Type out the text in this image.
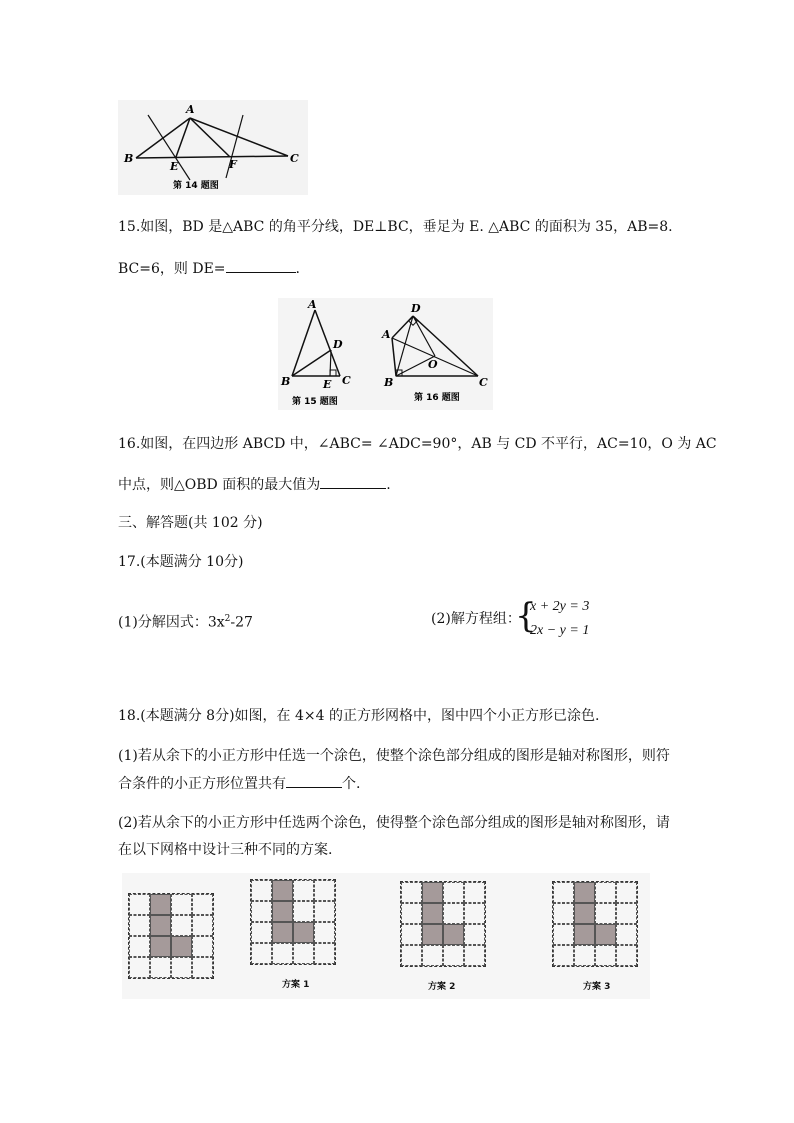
A
B	C
E	F
第 14 题图
15.如图，BD 是△ABC 的角平分线，DE⊥BC，垂足为 E. △ABC 的面积为 35，AB=8.
BC=6，则 DE=	.
A
B	C
D
E
第 15 题图
A
B	C
D
O
第 16 题图
16.如图，在四边形 ABCD 中，∠ABC= ∠ADC=90°，AB 与 CD 不平行，AC=10，O 为 AC
中点，则△OBD 面积的最大值为	.
三、解答题(共 102 分)
17.(本题满分 10分)
(1)分解因式：$3x^2-27$	(2)解方程组：
{
x + 2y = 3
2x − y = 1
18.(本题满分 8分)如图，在 4×4 的正方形网格中，图中四个小正方形已涂色.
(1)若从余下的小正方形中任选一个涂色，使整个涂色部分组成的图形是轴对称图形，则符
合条件的小正方形位置共有	个.
(2)若从余下的小正方形中任选两个涂色，使得整个涂色部分组成的图形是轴对称图形，请
在以下网格中设计三种不同的方案.
方案 1	方案 2	方案 3
